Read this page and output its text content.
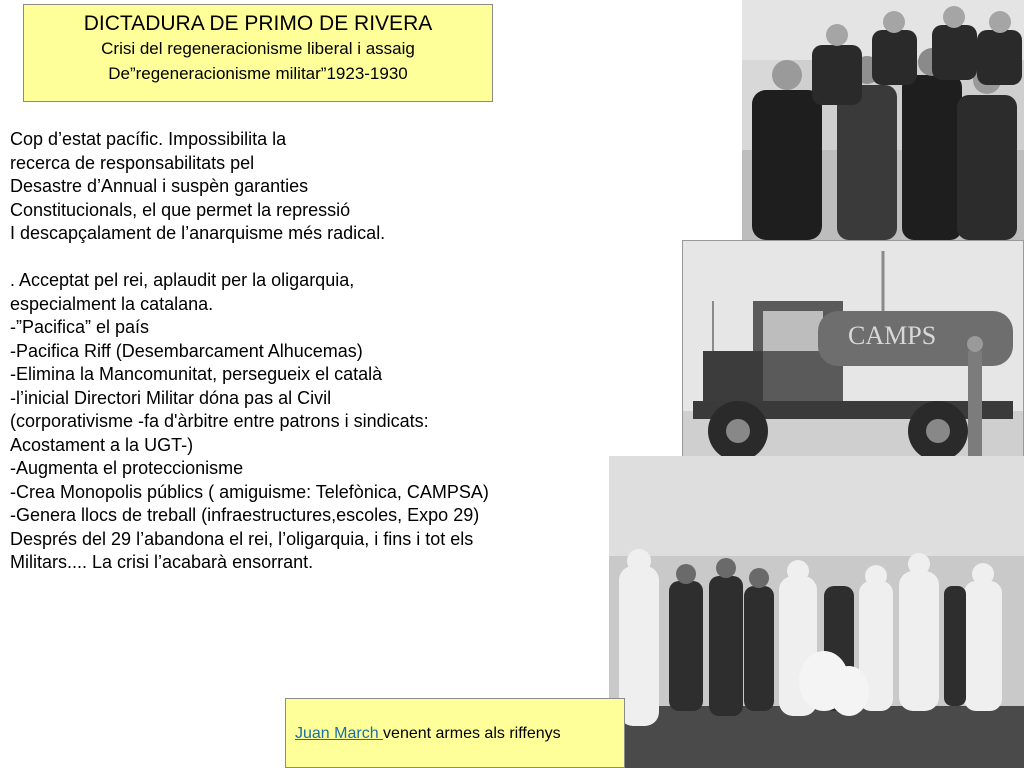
DICTADURA DE PRIMO DE RIVERA
Crisi del regeneracionisme liberal i assaig
De”regeneracionisme militar”1923-1930
Cop d’estat pacífic. Impossibilita la
recerca de responsabilitats pel
Desastre d’Annual i suspèn garanties
Constitucionals, el que permet la repressió
I descapçalament de l’anarquisme més radical.
. Acceptat pel rei, aplaudit per la oligarquia,
especialment la catalana.
-”Pacifica” el país
-Pacifica Riff (Desembarcament Alhucemas)
-Elimina la Mancomunitat, persegueix el català
-l’inicial Directori Militar dóna pas al Civil
(corporativisme -fa d'àrbitre entre patrons i sindicats:
Acostament a la UGT-)
-Augmenta el proteccionisme
-Crea Monopolis públics ( amiguisme: Telefònica, CAMPSA)
-Genera llocs de treball (infraestructures,escoles, Expo 29)
Després del 29 l’abandona el rei, l’oligarquia, i fins i tot els
Militars.... La crisi l’acabarà ensorrant.
CAMPS
Juan March venent armes als riffenys
